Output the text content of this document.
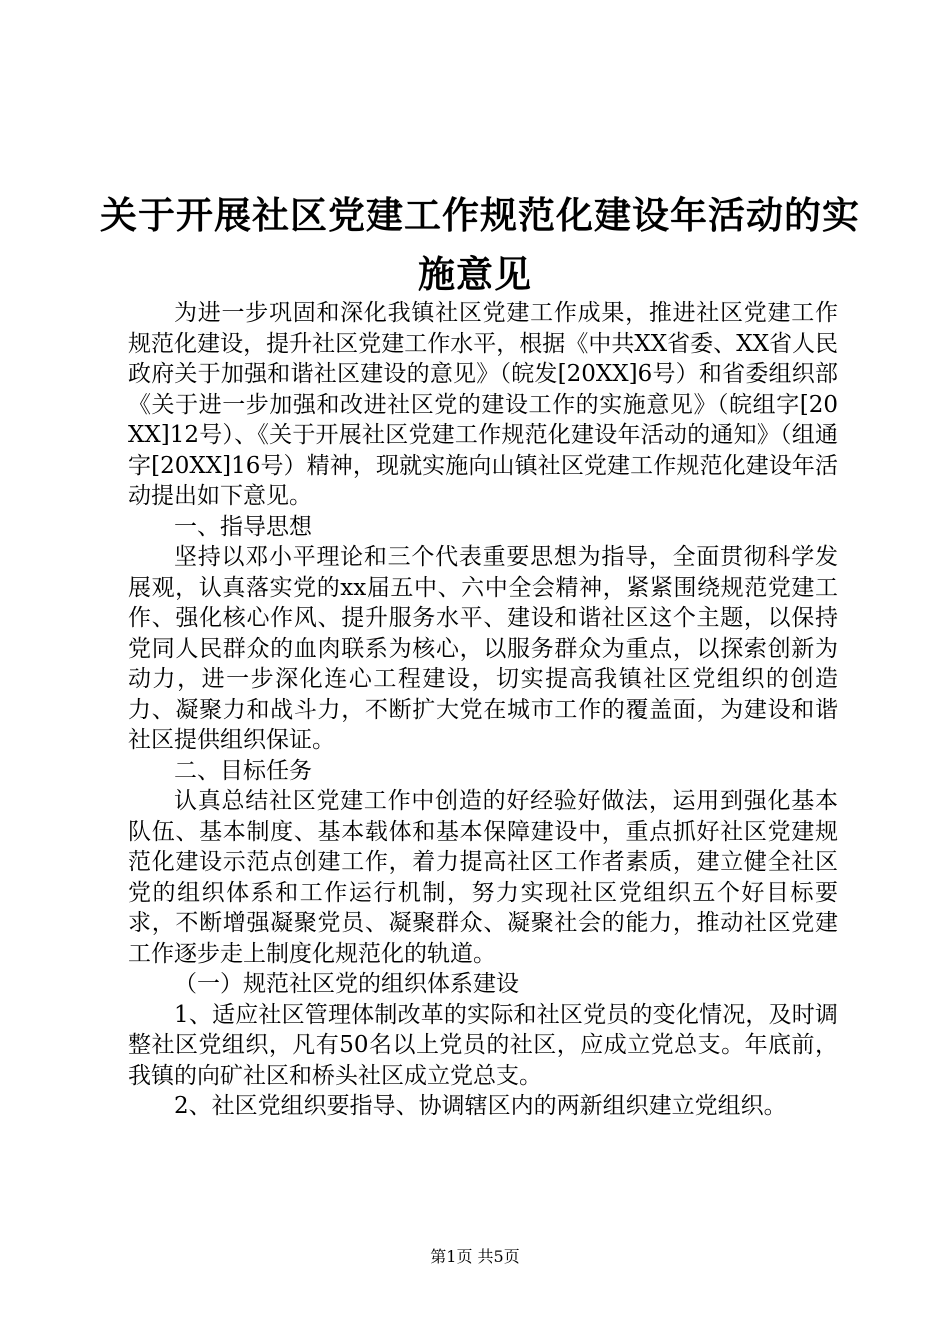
关于开展社区党建工作规范化建设年活动的实
施意见

为进一步巩固和深化我镇社区党建工作成果，推进社区党建工作规范化建设，提升社区党建工作水平，根据《中共XX省委、XX省人民政府关于加强和谐社区建设的意见》（皖发[20XX]6号）和省委组织部《关于进一步加强和改进社区党的建设工作的实施意见》（皖组字[20XX]12号）、《关于开展社区党建工作规范化建设年活动的通知》（组通字[20XX]16号）精神，现就实施向山镇社区党建工作规范化建设年活动提出如下意见。

一、指导思想

坚持以邓小平理论和三个代表重要思想为指导，全面贯彻科学发展观，认真落实党的xx届五中、六中全会精神，紧紧围绕规范党建工作、强化核心作风、提升服务水平、建设和谐社区这个主题，以保持党同人民群众的血肉联系为核心，以服务群众为重点，以探索创新为动力，进一步深化连心工程建设，切实提高我镇社区党组织的创造力、凝聚力和战斗力，不断扩大党在城市工作的覆盖面，为建设和谐社区提供组织保证。

二、目标任务

认真总结社区党建工作中创造的好经验好做法，运用到强化基本队伍、基本制度、基本载体和基本保障建设中，重点抓好社区党建规范化建设示范点创建工作，着力提高社区工作者素质，建立健全社区党的组织体系和工作运行机制，努力实现社区党组织五个好目标要求，不断增强凝聚党员、凝聚群众、凝聚社会的能力，推动社区党建工作逐步走上制度化规范化的轨道。

（一）规范社区党的组织体系建设

1、适应社区管理体制改革的实际和社区党员的变化情况，及时调整社区党组织，凡有50名以上党员的社区，应成立党总支。年底前，我镇的向矿社区和桥头社区成立党总支。

2、社区党组织要指导、协调辖区内的两新组织建立党组织。

第1页 共5页
